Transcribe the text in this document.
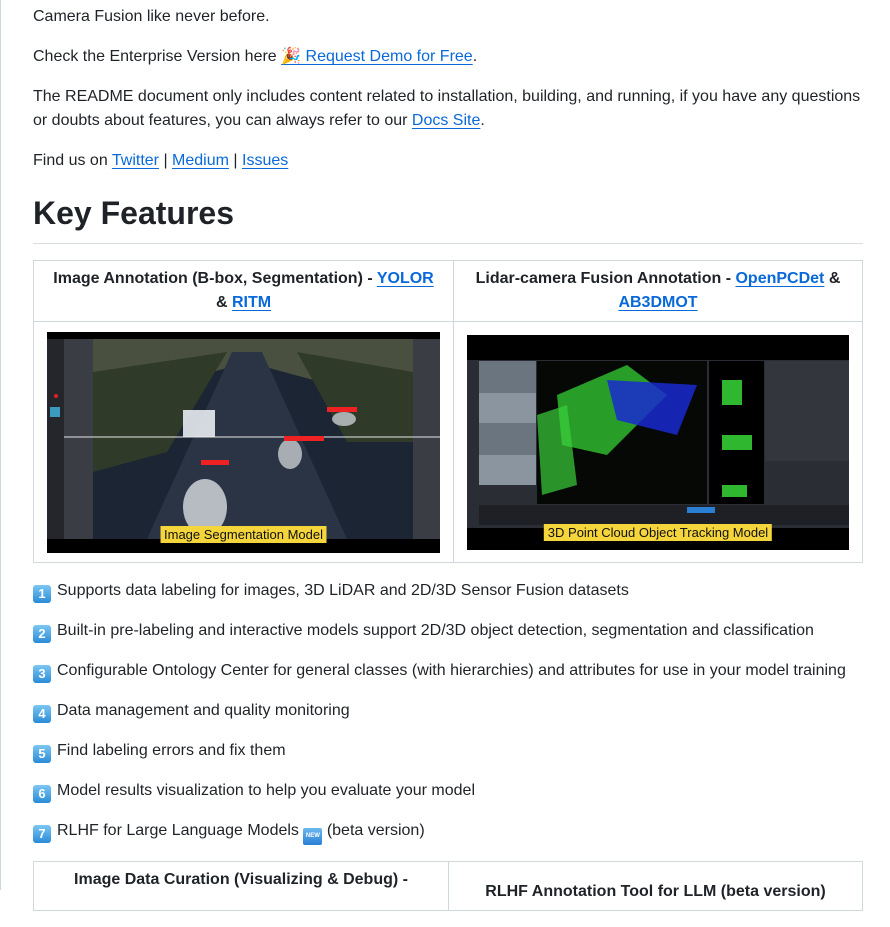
Camera Fusion like never before.

Check the Enterprise Version here 🎉 Request Demo for Free.

The README document only includes content related to installation, building, and running, if you have any questions or doubts about features, you can always refer to our Docs Site.

Find us on Twitter | Medium | Issues

Key Features
Image Annotation (B-box, Segmentation) - YOLOR & RITM	Lidar-camera Fusion Annotation - OpenPCDet & AB3DMOT

Image Segmentation Model	3D Point Cloud Object Tracking Model

1 Supports data labeling for images, 3D LiDAR and 2D/3D Sensor Fusion datasets

2 Built-in pre-labeling and interactive models support 2D/3D object detection, segmentation and classification

3 Configurable Ontology Center for general classes (with hierarchies) and attributes for use in your model training

4 Data management and quality monitoring

5 Find labeling errors and fix them

6 Model results visualization to help you evaluate your model

7 RLHF for Large Language Models NEW (beta version)

Image Data Curation (Visualizing & Debug) -	RLHF Annotation Tool for LLM (beta version)
